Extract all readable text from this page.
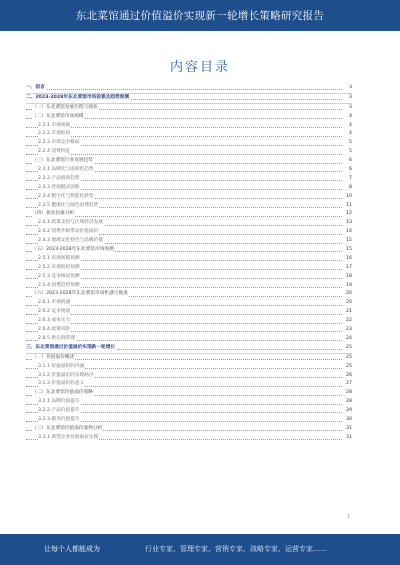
东北菜馆通过价值溢价实现新一轮增长策略研究报告
内容目录
一、前言	3
二、2023-2028年东北菜馆市场前景及趋势预测	3
（一）东北菜馆发展历程与现状	3
（二）东北菜馆市场规模	4
2.2.1 市场规模	4
2.2.2 市场结构	4
2.2.3 市场竞争格局	5
2.2.4 消费特征	5
（三）东北菜馆行业发展趋势	6
2.3.1 品牌化与连锁化趋势	6
2.3.2 产品创新趋势	7
2.3.3 营销模式创新	8
2.3.4 数字化与智能化转型	10
2.3.5 健康化与绿色消费趋势	11
（四）驱动因素分析	12
2.4.1 政策支持与区域经济发展	13
2.4.2 消费升级带动价值溢价	14
2.4.3 地域文化特色与品牌价值	15
（五）2023-2028年东北菜馆市场预测	15
2.5.1 市场规模预测	16
2.5.2 市场结构预测	17
2.5.3 竞争格局预测	18
2.5.4 消费趋势预测	19
（六）2023-2028年东北菜馆市场机遇与挑战	20
2.6.1 市场机遇	20
2.6.2 竞争挑战	21
2.6.3 成本压力	22
2.6.4 政策风险	23
2.6.5 供应链管理	24
三、东北菜馆通过价值溢价实现新一轮增长	25
（一）价值溢价概述	25
3.1.1 价值溢价的内涵	25
3.1.2 价值溢价的实现路径	26
3.1.3 价值溢价的意义	27
（二）东北菜馆价值溢价策略	28
3.2.1 品牌价值提升	28
3.2.2 产品价值提升	29
3.2.3 服务价值提升	30
（三）东北菜馆价值溢价案例分析	31
3.3.1 典型企业价值溢价实践	31
1
让每个人都能成为	行业专家、管理专家、营销专家、战略专家、运营专家……
